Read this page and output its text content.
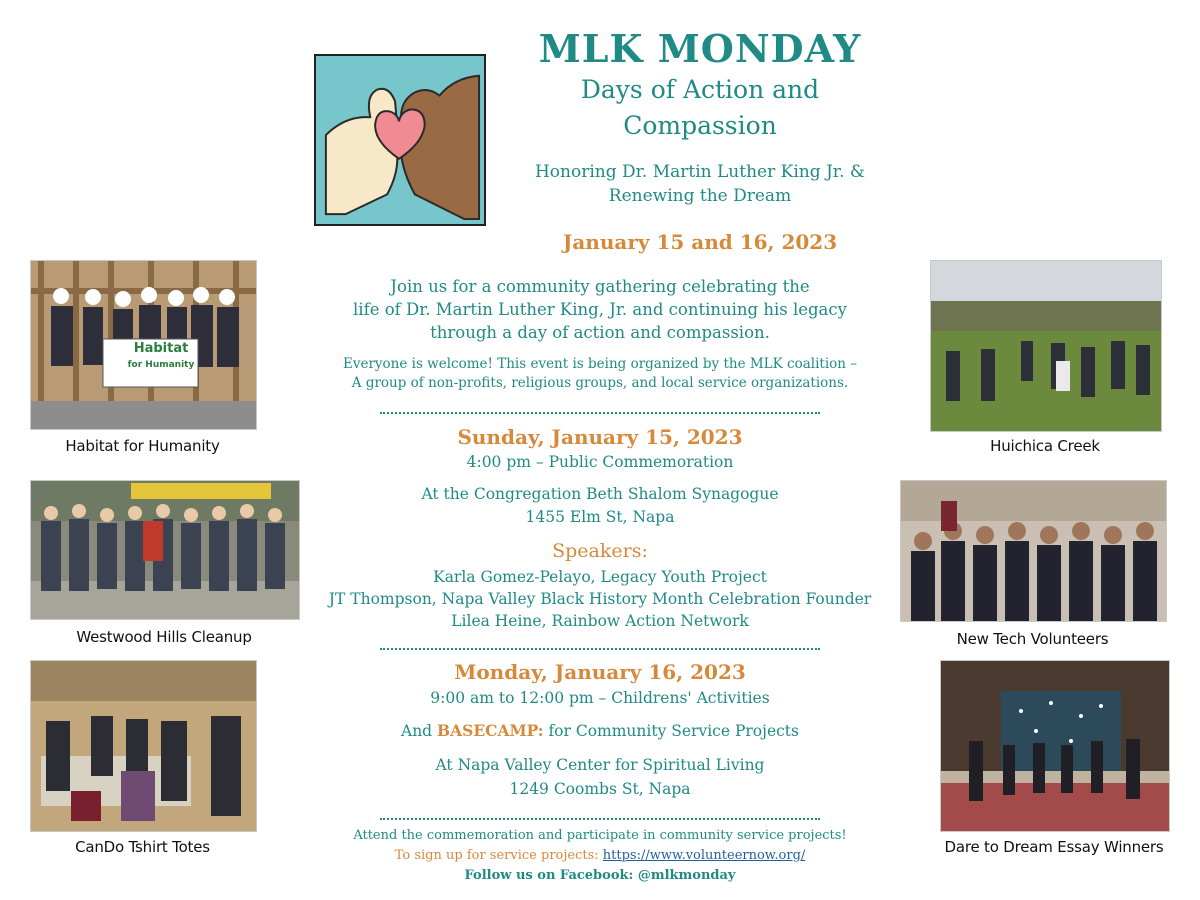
MLK MONDAY
Days of Action and
Compassion
Honoring Dr. Martin Luther King Jr. &
Renewing the Dream
January 15 and 16, 2023
Join us for a community gathering celebrating the
life of Dr. Martin Luther King, Jr. and continuing his legacy
through a day of action and compassion.
Everyone is welcome! This event is being organized by the MLK coalition –
A group of non-profits, religious groups, and local service organizations.
Sunday, January 15, 2023
4:00 pm – Public Commemoration
At the Congregation Beth Shalom Synagogue
1455 Elm St, Napa
Speakers:
Karla Gomez-Pelayo, Legacy Youth Project
JT Thompson, Napa Valley Black History Month Celebration Founder
Lilea Heine, Rainbow Action Network
Monday, January 16, 2023
9:00 am to 12:00 pm – Childrens' Activities
And BASECAMP: for Community Service Projects
At Napa Valley Center for Spiritual Living
1249 Coombs St, Napa
Attend the commemoration and participate in community service projects!
To sign up for service projects: https://www.volunteernow.org/
Follow us on Facebook: @mlkmonday
Habitat
for Humanity
Habitat for Humanity
Westwood Hills Cleanup
CanDo Tshirt Totes
Huichica Creek
New Tech Volunteers
Dare to Dream Essay Winners
